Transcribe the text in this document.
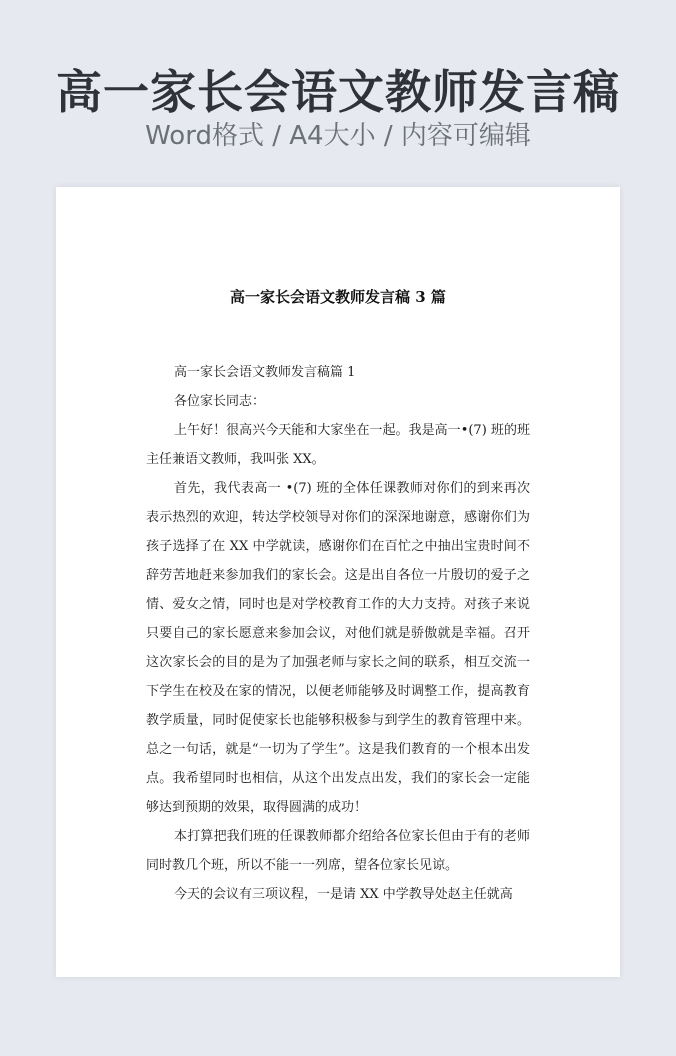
高一家长会语文教师发言稿
Word格式 / A4大小 / 内容可编辑
高一家长会语文教师发言稿 3 篇

高一家长会语文教师发言稿篇 1

各位家长同志：

上午好！很高兴今天能和大家坐在一起。我是高一•(7) 班的班主任兼语文教师，我叫张 XX。

首先，我代表高一 •(7) 班的全体任课教师对你们的到来再次表示热烈的欢迎，转达学校领导对你们的深深地谢意，感谢你们为孩子选择了在 XX 中学就读，感谢你们在百忙之中抽出宝贵时间不辞劳苦地赶来参加我们的家长会。这是出自各位一片殷切的爱子之情、爱女之情，同时也是对学校教育工作的大力支持。对孩子来说只要自己的家长愿意来参加会议，对他们就是骄傲就是幸福。召开这次家长会的目的是为了加强老师与家长之间的联系，相互交流一下学生在校及在家的情况，以便老师能够及时调整工作，提高教育教学质量，同时促使家长也能够积极参与到学生的教育管理中来。总之一句话，就是“一切为了学生”。这是我们教育的一个根本出发点。我希望同时也相信，从这个出发点出发，我们的家长会一定能够达到预期的效果，取得圆满的成功！

本打算把我们班的任课教师都介绍给各位家长但由于有的老师同时教几个班，所以不能一一列席，望各位家长见谅。

今天的会议有三项议程，一是请 XX 中学教导处赵主任就高
